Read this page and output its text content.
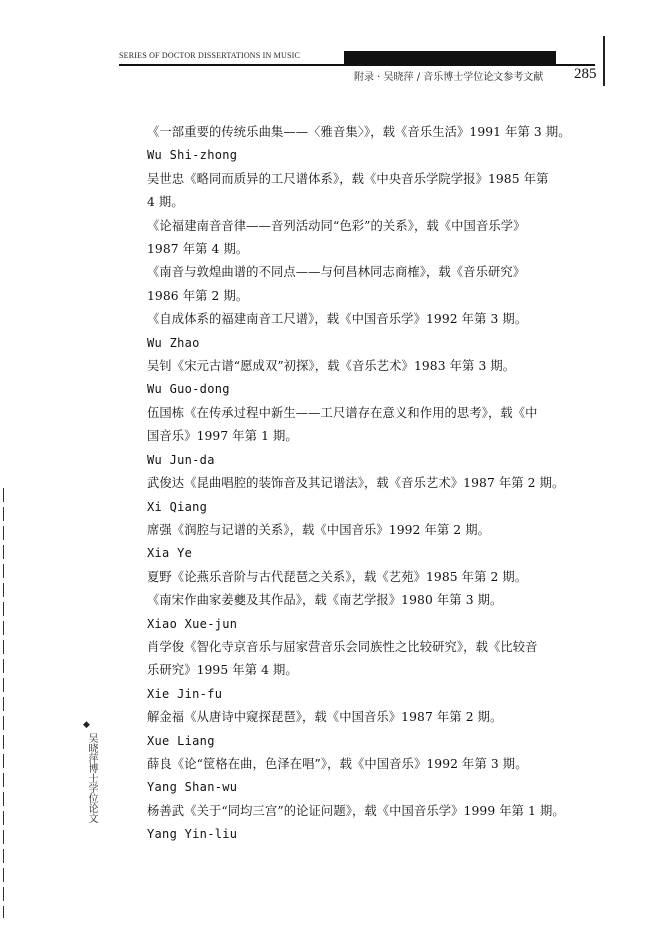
SERIES OF DOCTOR DISSERTATIONS IN MUSIC
附录 · 吴晓萍 / 音乐博士学位论文参考文献 285

《一部重要的传统乐曲集——〈雅音集〉》，载《音乐生活》1991 年第 3 期。

Wu Shi-zhong

吴世忠《略同而质异的工尺谱体系》，载《中央音乐学院学报》1985 年第

4 期。

《论福建南音音律——音列活动同“色彩”的关系》，载《中国音乐学》

1987 年第 4 期。

《南音与敦煌曲谱的不同点——与何昌林同志商榷》，载《音乐研究》

1986 年第 2 期。

《自成体系的福建南音工尺谱》，载《中国音乐学》1992 年第 3 期。

Wu Zhao

吴钊《宋元古谱“愿成双”初探》，载《音乐艺术》1983 年第 3 期。

Wu Guo-dong

伍国栋《在传承过程中新生——工尺谱存在意义和作用的思考》，载《中

国音乐》1997 年第 1 期。

Wu Jun-da

武俊达《昆曲唱腔的装饰音及其记谱法》，载《音乐艺术》1987 年第 2 期。

Xi Qiang

席强《润腔与记谱的关系》，载《中国音乐》1992 年第 2 期。

Xia Ye

夏野《论燕乐音阶与古代琵琶之关系》，载《艺苑》1985 年第 2 期。

《南宋作曲家姜夔及其作品》，载《南艺学报》1980 年第 3 期。

Xiao Xue-jun

肖学俊《智化寺京音乐与屈家营音乐会同族性之比较研究》，载《比较音

乐研究》1995 年第 4 期。

Xie Jin-fu

解金福《从唐诗中窥探琵琶》，载《中国音乐》1987 年第 2 期。

Xue Liang

薛良《论“筐格在曲，色泽在唱”》，载《中国音乐》1992 年第 3 期。

Yang Shan-wu

杨善武《关于“同均三宫”的论证问题》，载《中国音乐学》1999 年第 1 期。

Yang Yin-liu

◆
吴晓萍博士学位论文
